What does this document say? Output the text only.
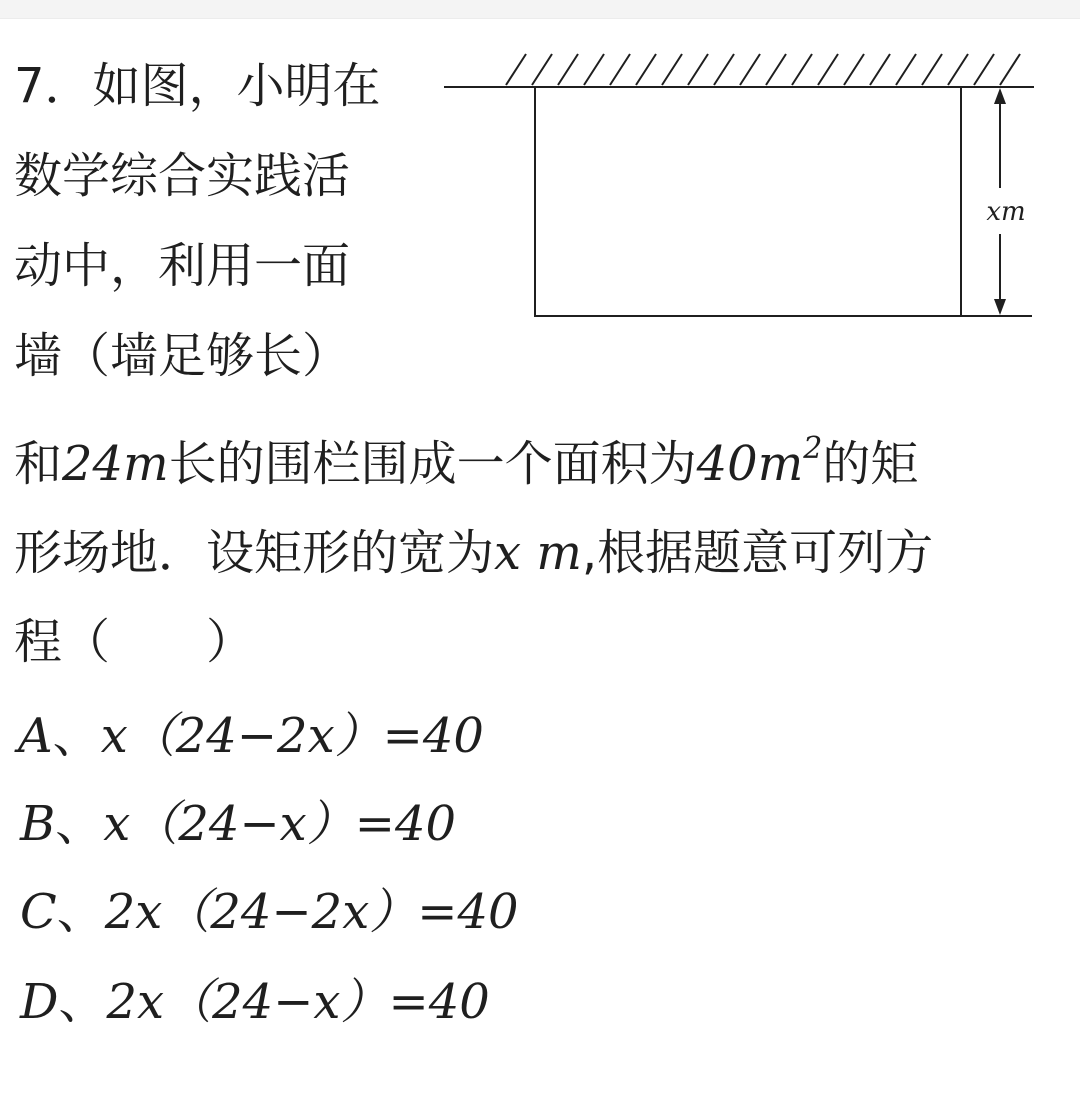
7．如图，小明在
数学综合实践活
动中，利用一面
墙（墙足够长）
xm
和24m长的围栏围成一个面积为$40m^2$的矩
形场地．设矩形的宽为x m,根据题意可列方
程（　　）
A、x（24−2x）=40
B、x（24−x）=40
C、2x（24−2x）=40
D、2x（24−x）=40
